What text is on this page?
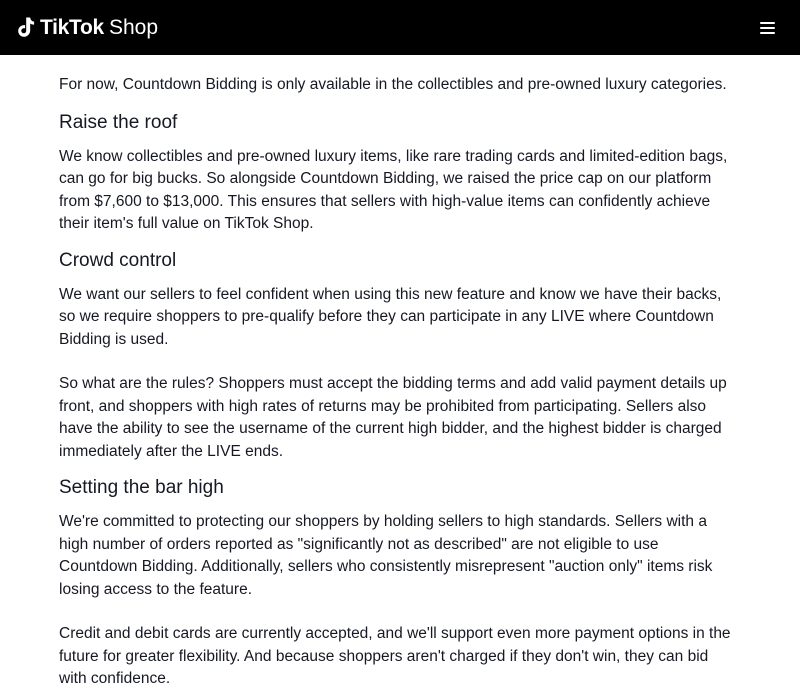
TikTok Shop

For now, Countdown Bidding is only available in the collectibles and pre-owned luxury categories.

Raise the roof

We know collectibles and pre-owned luxury items, like rare trading cards and limited-edition bags, can go for big bucks. So alongside Countdown Bidding, we raised the price cap on our platform from $7,600 to $13,000. This ensures that sellers with high-value items can confidently achieve their item's full value on TikTok Shop.

Crowd control

We want our sellers to feel confident when using this new feature and know we have their backs, so we require shoppers to pre-qualify before they can participate in any LIVE where Countdown Bidding is used.

So what are the rules? Shoppers must accept the bidding terms and add valid payment details up front, and shoppers with high rates of returns may be prohibited from participating. Sellers also have the ability to see the username of the current high bidder, and the highest bidder is charged immediately after the LIVE ends.

Setting the bar high

We're committed to protecting our shoppers by holding sellers to high standards. Sellers with a high number of orders reported as "significantly not as described" are not eligible to use Countdown Bidding. Additionally, sellers who consistently misrepresent "auction only" items risk losing access to the feature.

Credit and debit cards are currently accepted, and we'll support even more payment options in the future for greater flexibility. And because shoppers aren't charged if they don't win, they can bid with confidence.
